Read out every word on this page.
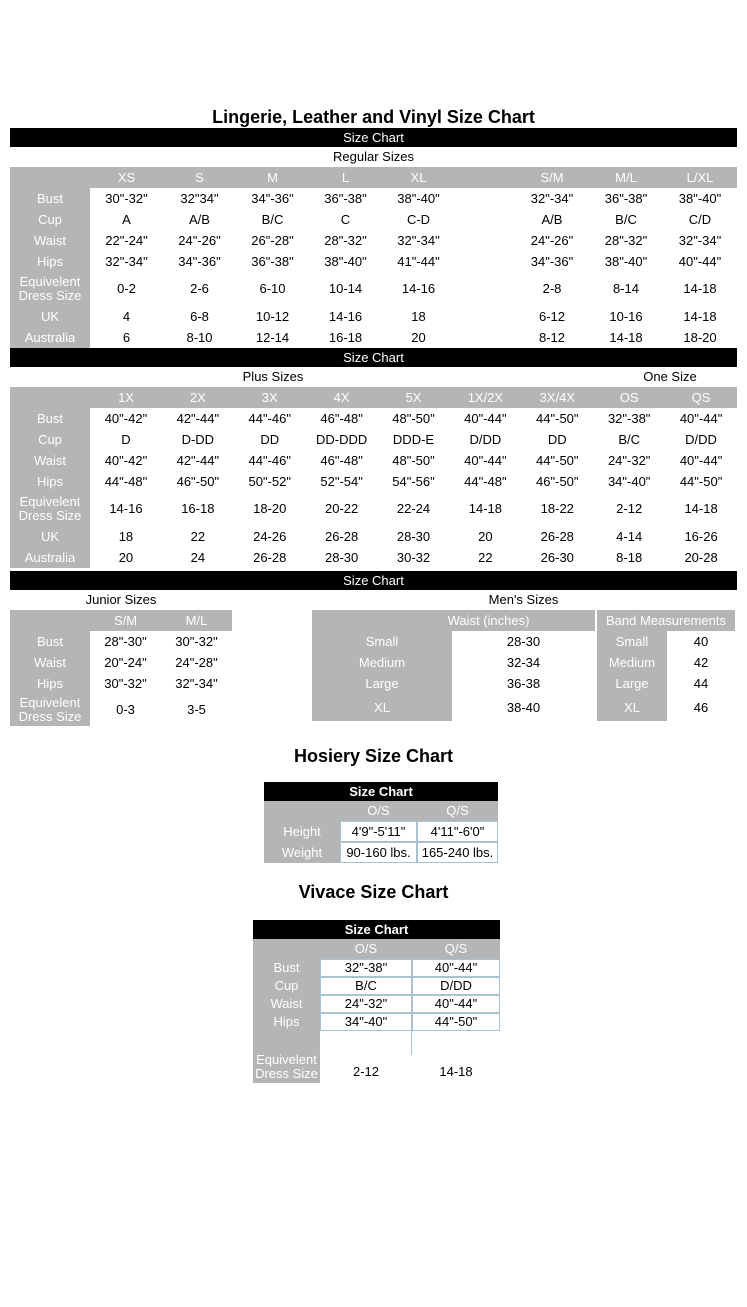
Lingerie, Leather and Vinyl Size Chart
Size Chart
Regular Sizes
XS	S	M	L	XL	S/M	M/L	L/XL
Bust	30"-32"	32"34"	34"-36"	36"-38"	38"-40"	32"-34"	36"-38"	38"-40"
Cup	A	A/B	B/C	C	C-D	A/B	B/C	C/D
Waist	22"-24"	24"-26"	26"-28"	28"-32"	32"-34"	24"-26"	28"-32"	32"-34"
Hips	32"-34"	34"-36"	36"-38"	38"-40"	41"-44"	34"-36"	38"-40"	40"-44"
Equivelent Dress Size	0-2	2-6	6-10	10-14	14-16	2-8	8-14	14-18
UK	4	6-8	10-12	14-16	18	6-12	10-16	14-18
Australia	6	8-10	12-14	16-18	20	8-12	14-18	18-20
Size Chart
Plus Sizes	One Size
1X	2X	3X	4X	5X	1X/2X	3X/4X	OS	QS
Bust	40"-42"	42"-44"	44"-46"	46"-48"	48"-50"	40"-44"	44"-50"	32"-38"	40"-44"
Cup	D	D-DD	DD	DD-DDD	DDD-E	D/DD	DD	B/C	D/DD
Waist	40"-42"	42"-44"	44"-46"	46"-48"	48"-50"	40"-44"	44"-50"	24"-32"	40"-44"
Hips	44"-48"	46"-50"	50"-52"	52"-54"	54"-56"	44"-48"	46"-50"	34"-40"	44"-50"
Equivelent Dress Size	14-16	16-18	18-20	20-22	22-24	14-18	18-22	2-12	14-18
UK	18	22	24-26	26-28	28-30	20	26-28	4-14	16-26
Australia	20	24	26-28	28-30	30-32	22	26-30	8-18	20-28
Size Chart
Junior Sizes	Men's Sizes
S/M	M/L
Bust	28"-30"	30"-32"
Waist	20"-24"	24"-28"
Hips	30"-32"	32"-34"
Equivelent Dress Size	0-3	3-5
Waist (inches)
Small	28-30
Medium	32-34
Large	36-38
XL	38-40
Band Measurements
Small	40
Medium	42
Large	44
XL	46
Hosiery Size Chart
Size Chart
O/S	Q/S
Height	4'9"-5'11"	4'11"-6'0"
Weight	90-160 lbs. 165-240 lbs.
Vivace Size Chart
Size Chart
O/S	Q/S
Bust	32"-38"	40"-44"
Cup	B/C	D/DD
Waist	24"-32"	40"-44"
Hips	34"-40"	44"-50"
Equivelent Dress Size	2-12	14-18
